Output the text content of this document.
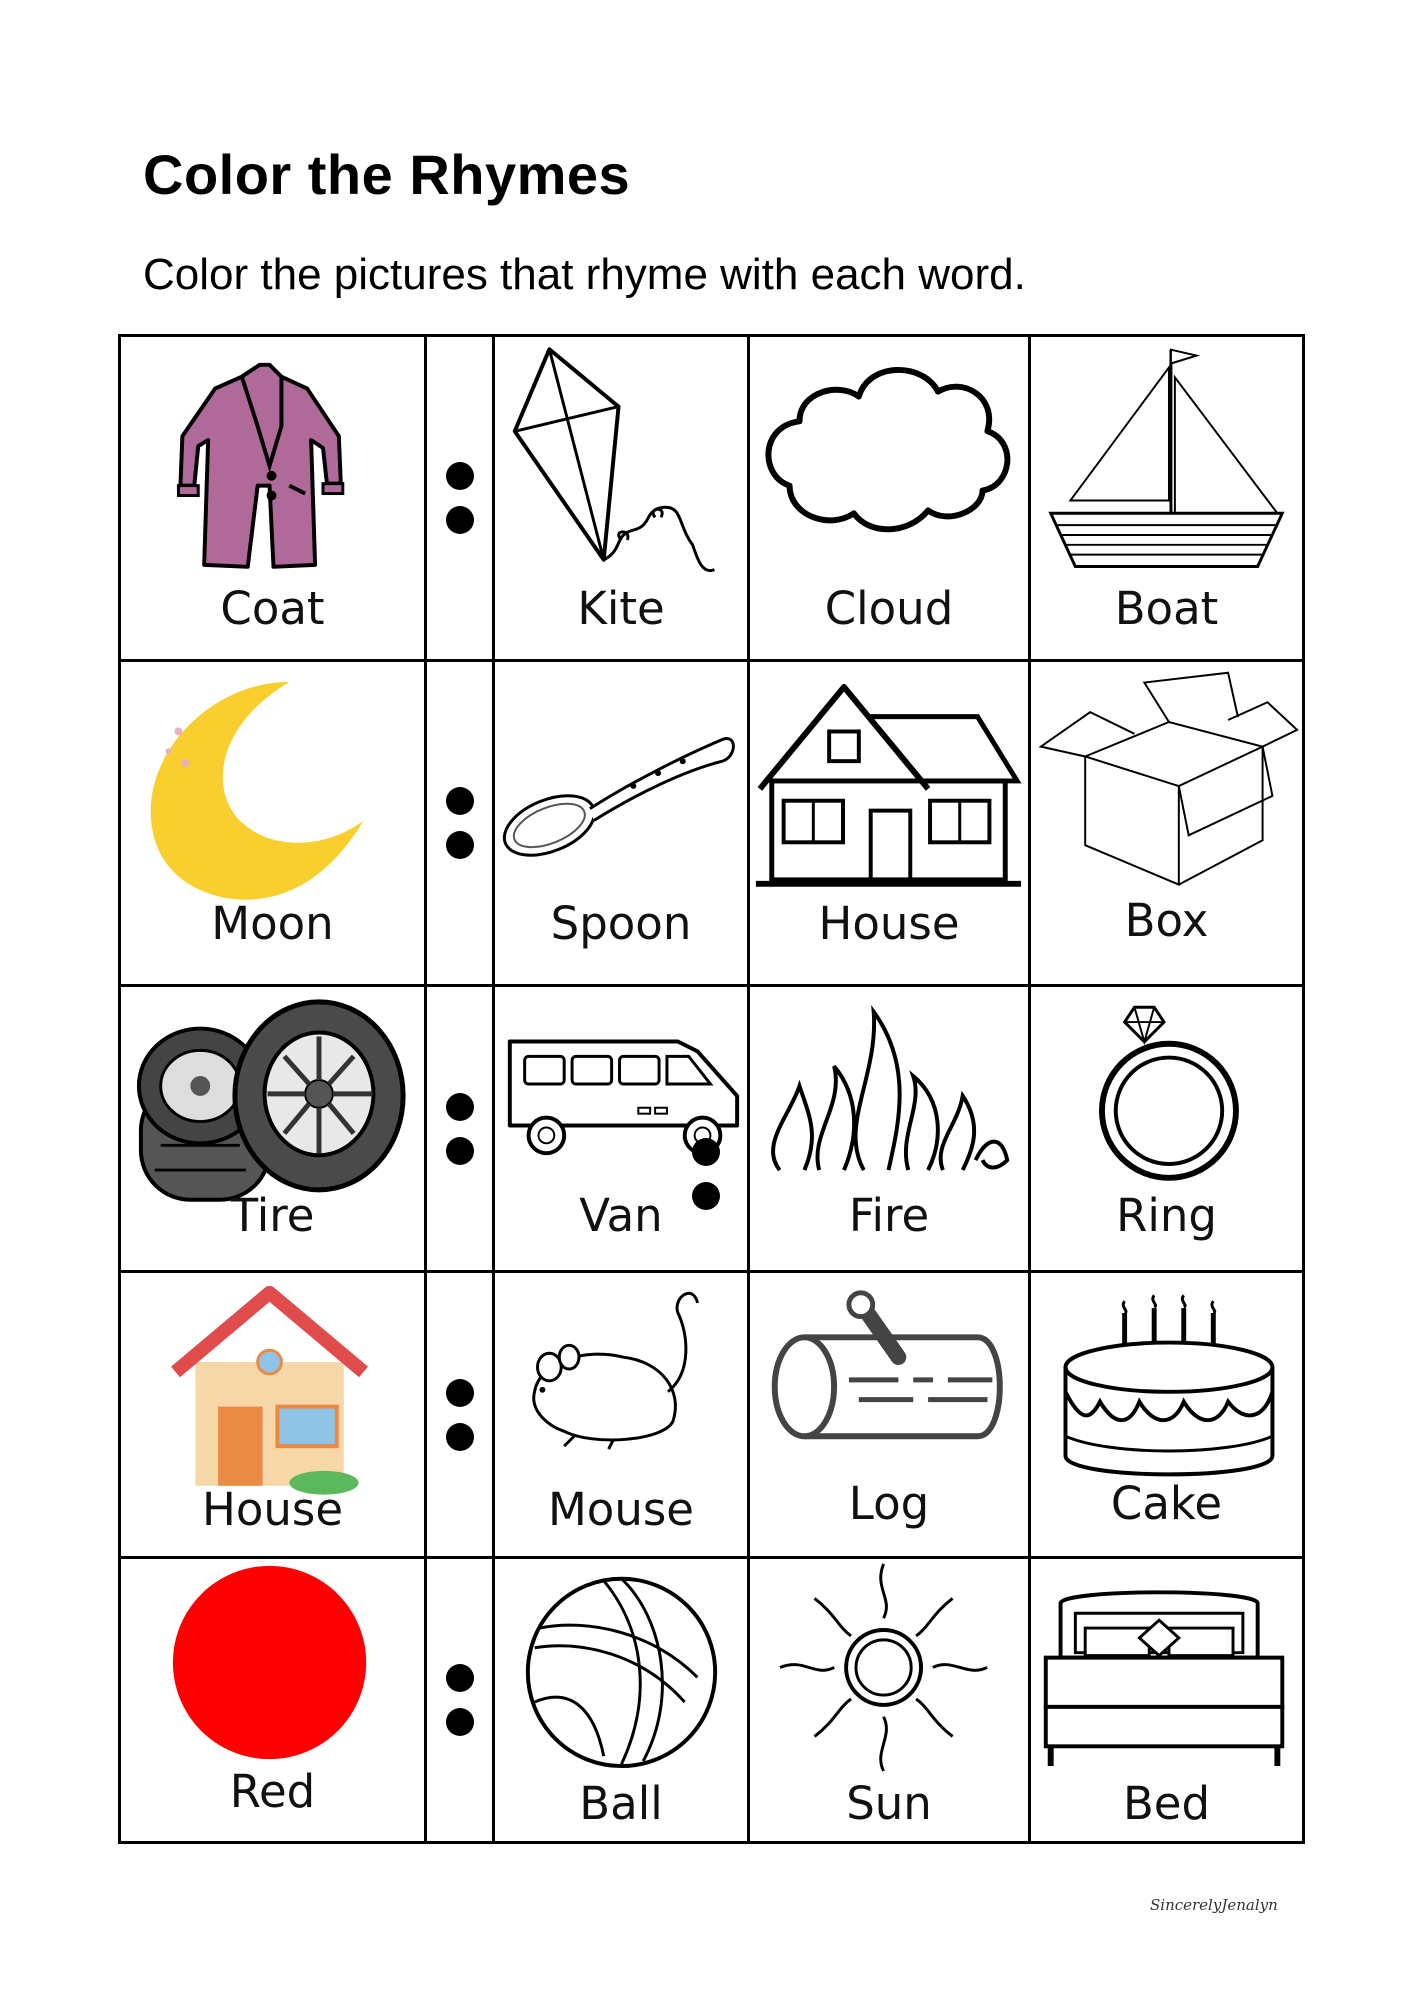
Color the Rhymes
Color the pictures that rhyme with each word.
Coat	Kite	Cloud	Boat
Moon	Spoon	House	Box
Tire	Van	Fire	Ring
House	Mouse	Log	Cake
Red	Ball	Sun	Bed
SincerelyJenalyn
